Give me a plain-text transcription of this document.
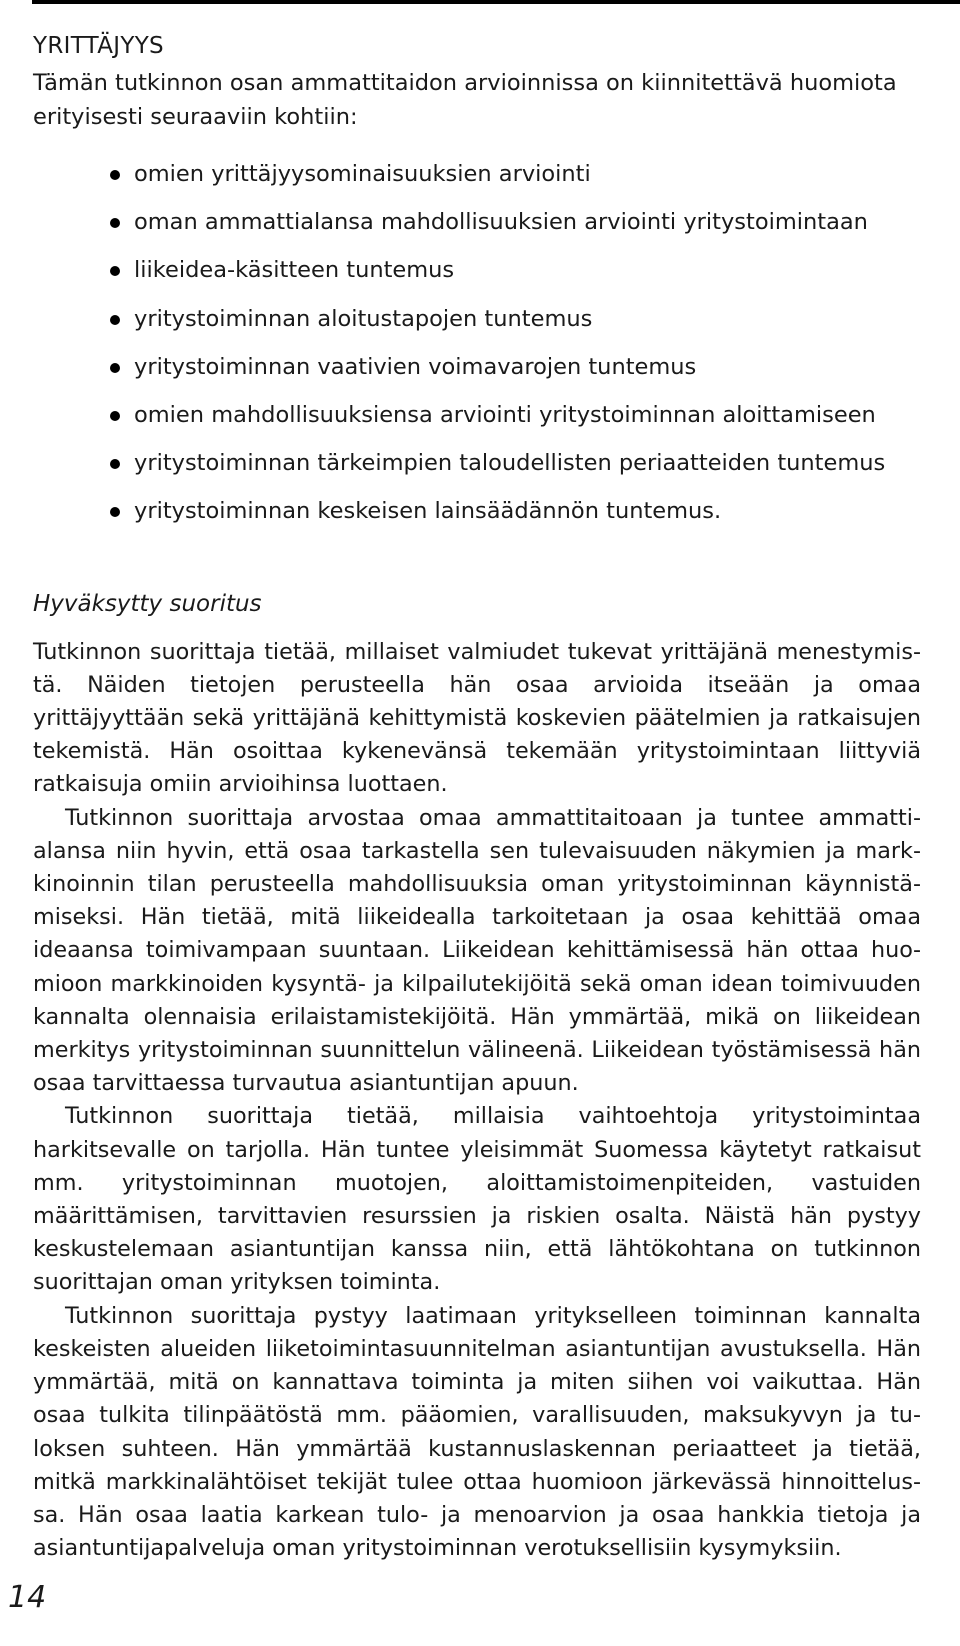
YRITTÄJYYS

Tämän tutkinnon osan ammattitaidon arvioinnissa on kiinnitettävä huomiota erityisesti seuraaviin kohtiin:

omien yrittäjyysominaisuuksien arviointi
oman ammattialansa mahdollisuuksien arviointi yritystoimintaan
liikeidea-käsitteen tuntemus
yritystoiminnan aloitustapojen tuntemus
yritystoiminnan vaativien voimavarojen tuntemus
omien mahdollisuuksiensa arviointi yritystoiminnan aloittamiseen
yritystoiminnan tärkeimpien taloudellisten periaatteiden tuntemus
yritystoiminnan keskeisen lainsäädännön tuntemus.
Hyväksytty suoritus

Tutkinnon suorittaja tietää, millaiset valmiudet tukevat yrittäjänä menestymistä. Näiden tietojen perusteella hän osaa arvioida itseään ja omaa yrittäjyyttään sekä yrittäjänä kehittymistä koskevien päätelmien ja ratkaisujen tekemistä. Hän osoittaa kykenevänsä tekemään yritystoimintaan liittyviä ratkaisuja omiin arvioihinsa luottaen.

Tutkinnon suorittaja arvostaa omaa ammattitaitoaan ja tuntee ammattialansa niin hyvin, että osaa tarkastella sen tulevaisuuden näkymien ja markkinoinnin tilan perusteella mahdollisuuksia oman yritystoiminnan käynnistämiseksi. Hän tietää, mitä liikeidealla tarkoitetaan ja osaa kehittää omaa ideaansa toimivampaan suuntaan. Liikeidean kehittämisessä hän ottaa huomioon markkinoiden kysyntä- ja kilpailutekijöitä sekä oman idean toimivuuden kannalta olennaisia erilaistamistekijöitä. Hän ymmärtää, mikä on liikeidean merkitys yritystoiminnan suunnittelun välineenä. Liikeidean työstämisessä hän osaa tarvittaessa turvautua asiantuntijan apuun.

Tutkinnon suorittaja tietää, millaisia vaihtoehtoja yritystoimintaa harkitsevalle on tarjolla. Hän tuntee yleisimmät Suomessa käytetyt ratkaisut mm. yritystoiminnan muotojen, aloittamistoimenpiteiden, vastuiden määrittämisen, tarvittavien resurssien ja riskien osalta. Näistä hän pystyy keskustelemaan asiantuntijan kanssa niin, että lähtökohtana on tutkinnon suorittajan oman yrityksen toiminta.

Tutkinnon suorittaja pystyy laatimaan yritykselleen toiminnan kannalta keskeisten alueiden liiketoimintasuunnitelman asiantuntijan avustuksella. Hän ymmärtää, mitä on kannattava toiminta ja miten siihen voi vaikuttaa. Hän osaa tulkita tilinpäätöstä mm. pääomien, varallisuuden, maksukyvyn ja tuloksen suhteen. Hän ymmärtää kustannuslaskennan periaatteet ja tietää, mitkä markkinalähtöiset tekijät tulee ottaa huomioon järkevässä hinnoittelussa. Hän osaa laatia karkean tulo- ja menoarvion ja osaa hankkia tietoja ja asiantuntijapalveluja oman yritystoiminnan verotuksellisiin kysymyksiin.

14
